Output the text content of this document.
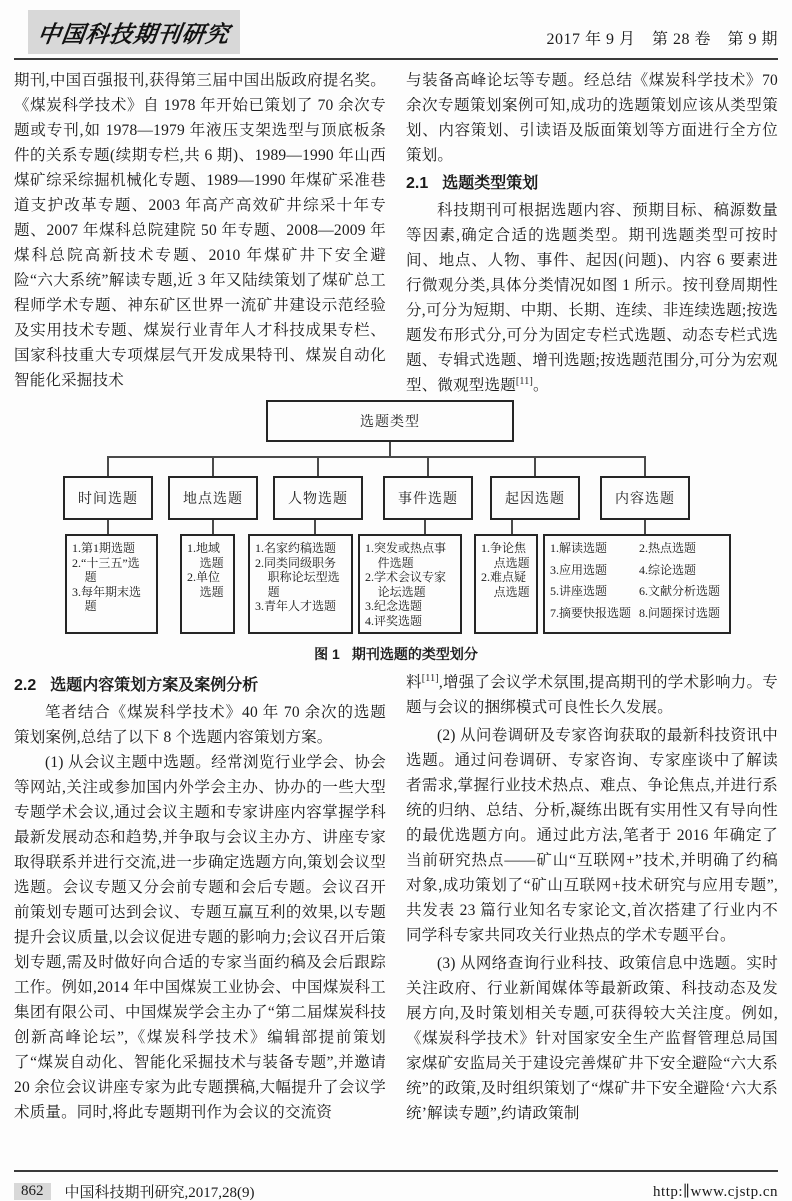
中国科技期刊研究	2017 年 9 月　第 28 卷　第 9 期

期刊,中国百强报刊,获得第三届中国出版政府提名奖。《煤炭科学技术》自 1978 年开始已策划了 70 余次专题或专刊,如 1978—1979 年液压支架选型与顶底板条件的关系专题(续期专栏,共 6 期)、1989—1990 年山西煤矿综采综掘机械化专题、1989—1990 年煤矿采准巷道支护改革专题、2003 年高产高效矿井综采十年专题、2007 年煤科总院建院 50 年专题、2008—2009 年煤科总院高新技术专题、2010 年煤矿井下安全避险“六大系统”解读专题,近 3 年又陆续策划了煤矿总工程师学术专题、神东矿区世界一流矿井建设示范经验及实用技术专题、煤炭行业青年人才科技成果专栏、国家科技重大专项煤层气开发成果特刊、煤炭自动化智能化采掘技术

与装备高峰论坛等专题。经总结《煤炭科学技术》70 余次专题策划案例可知,成功的选题策划应该从类型策划、内容策划、引读语及版面策划等方面进行全方位策划。

2.1 选题类型策划

科技期刊可根据选题内容、预期目标、稿源数量等因素,确定合适的选题类型。期刊选题类型可按时间、地点、人物、事件、起因(问题)、内容 6 要素进行微观分类,具体分类情况如图 1 所示。按刊登周期性分,可分为短期、中期、长期、连续、非连续选题;按选题发布形式分,可分为固定专栏式选题、动态专栏式选题、专辑式选题、增刊选题;按选题范围分,可分为宏观型、微观型选题[11]。

选题类型
时间选题	地点选题	人物选题	事件选题	起因选题	内容选题
1.第1期选题
2.“十三五”选题
3.每年期末选题
1.地域选题
2.单位选题
1.名家约稿选题
2.同类同级职务职称论坛型选题
3.青年人才选题
1.突发或热点事件选题
2.学术会议专家论坛选题
3.纪念选题
4.评奖选题
1.争论焦点选题
2.难点疑点选题
1.解读选题	2.热点选题
3.应用选题	4.综论选题
5.讲座选题	6.文献分析选题
7.摘要快报选题 8.问题探讨选题
图 1 期刊选题的类型划分
2.2 选题内容策划方案及案例分析

笔者结合《煤炭科学技术》40 年 70 余次的选题策划案例,总结了以下 8 个选题内容策划方案。

(1) 从会议主题中选题。经常浏览行业学会、协会等网站,关注或参加国内外学会主办、协办的一些大型专题学术会议,通过会议主题和专家讲座内容掌握学科最新发展动态和趋势,并争取与会议主办方、讲座专家取得联系并进行交流,进一步确定选题方向,策划会议型选题。会议专题又分会前专题和会后专题。会议召开前策划专题可达到会议、专题互赢互利的效果,以专题提升会议质量,以会议促进专题的影响力;会议召开后策划专题,需及时做好向合适的专家当面约稿及会后跟踪工作。例如,2014 年中国煤炭工业协会、中国煤炭科工集团有限公司、中国煤炭学会主办了“第二届煤炭科技创新高峰论坛”,《煤炭科学技术》编辑部提前策划了“煤炭自动化、智能化采掘技术与装备专题”,并邀请 20 余位会议讲座专家为此专题撰稿,大幅提升了会议学术质量。同时,将此专题期刊作为会议的交流资

料[11],增强了会议学术氛围,提高期刊的学术影响力。专题与会议的捆绑模式可良性长久发展。

(2) 从问卷调研及专家咨询获取的最新科技资讯中选题。通过问卷调研、专家咨询、专家座谈中了解读者需求,掌握行业技术热点、难点、争论焦点,并进行系统的归纳、总结、分析,凝练出既有实用性又有导向性的最优选题方向。通过此方法,笔者于 2016 年确定了当前研究热点——矿山“互联网+”技术,并明确了约稿对象,成功策划了“矿山互联网+技术研究与应用专题”,共发表 23 篇行业知名专家论文,首次搭建了行业内不同学科专家共同攻关行业热点的学术专题平台。

(3) 从网络查询行业科技、政策信息中选题。实时关注政府、行业新闻媒体等最新政策、科技动态及发展方向,及时策划相关专题,可获得较大关注度。例如,《煤炭科学技术》针对国家安全生产监督管理总局国家煤矿安监局关于建设完善煤矿井下安全避险“六大系统”的政策,及时组织策划了“煤矿井下安全避险‘六大系统’解读专题”,约请政策制

862	中国科技期刊研究,2017,28(9)	http:∥www.cjstp.cn
